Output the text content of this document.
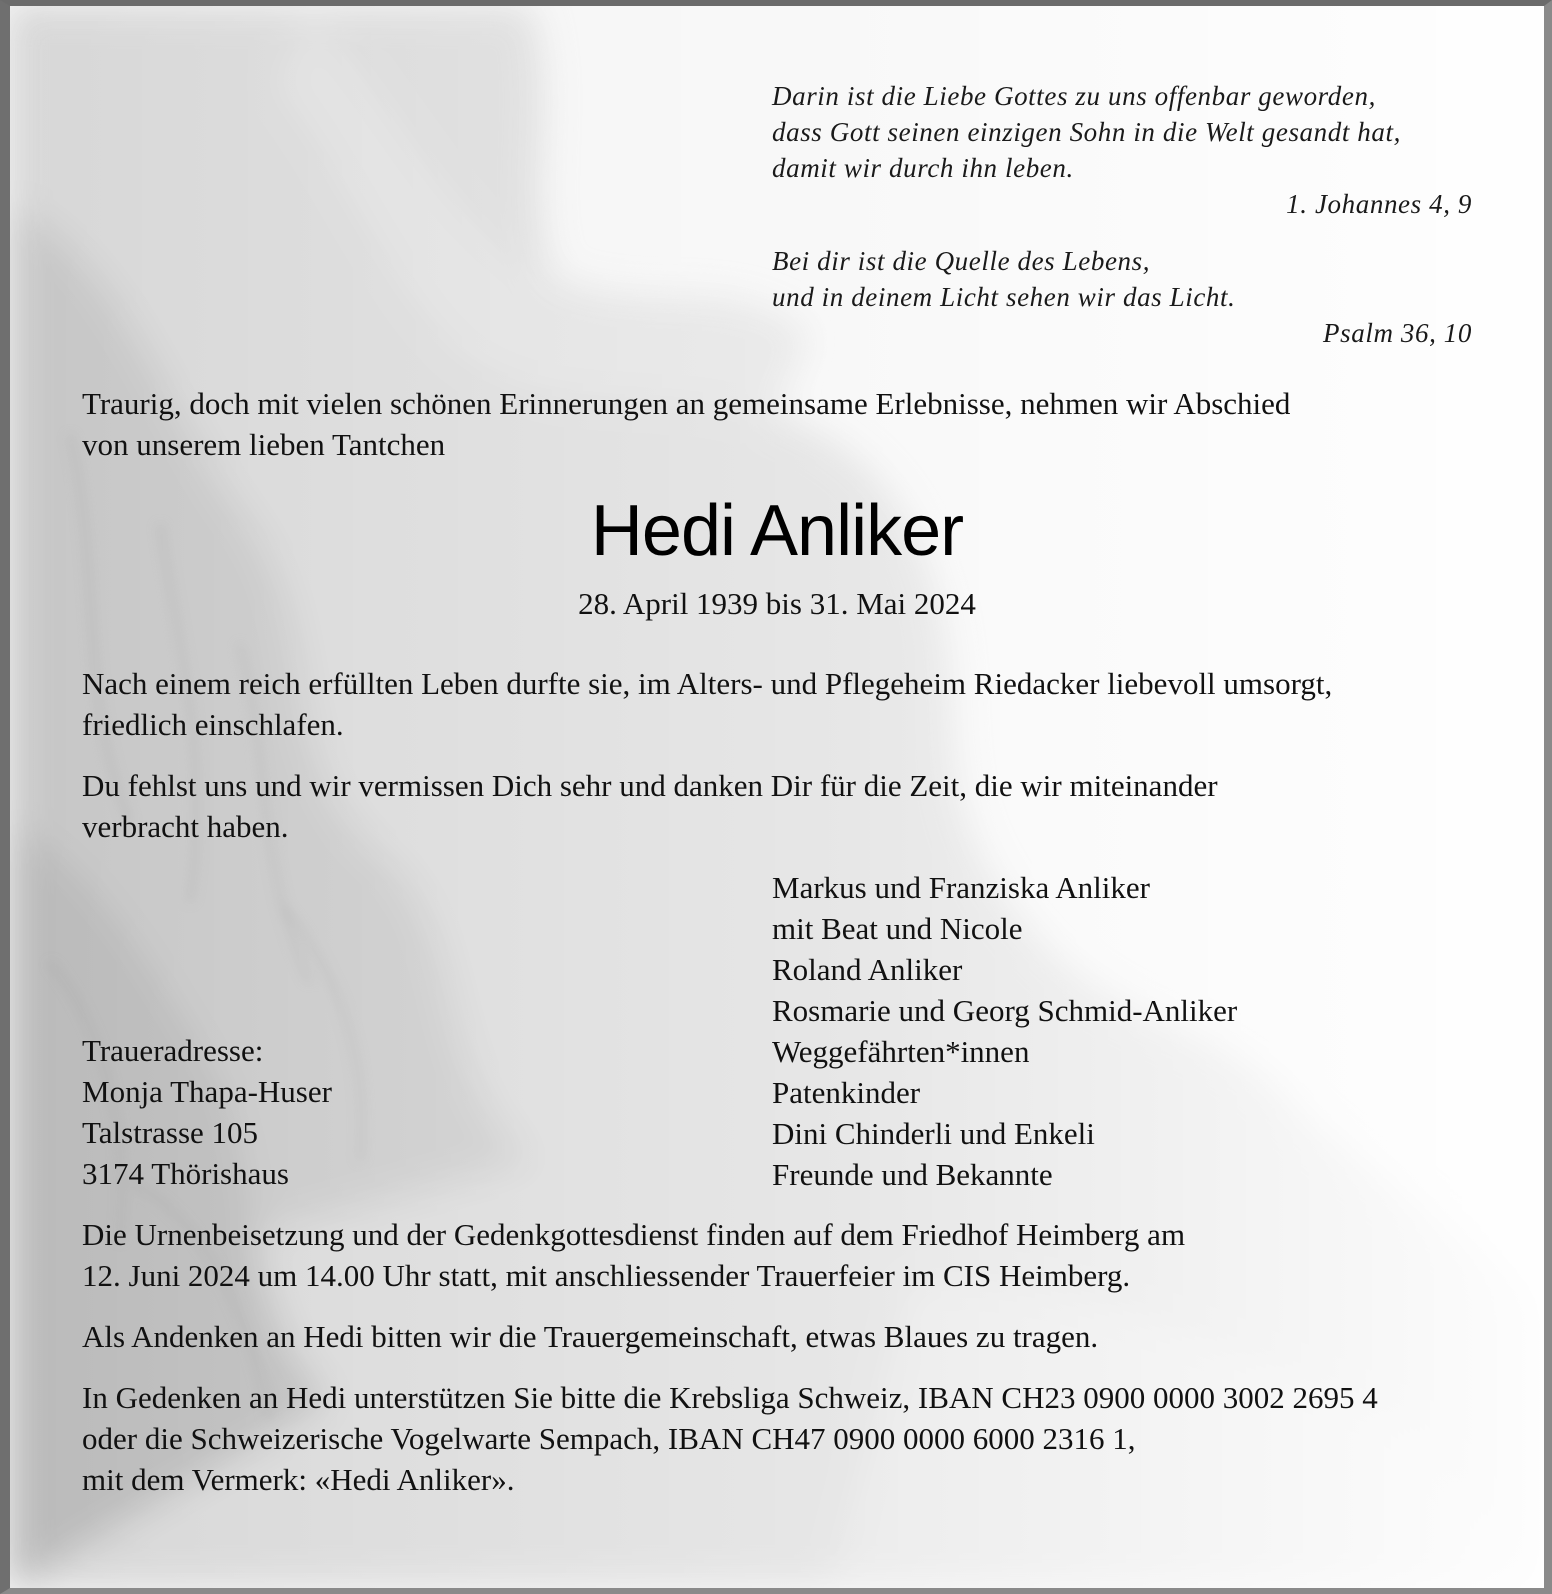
Darin ist die Liebe Gottes zu uns offenbar geworden,
dass Gott seinen einzigen Sohn in die Welt gesandt hat,
damit wir durch ihn leben.
1. Johannes 4, 9
Bei dir ist die Quelle des Lebens,
und in deinem Licht sehen wir das Licht.
Psalm 36, 10
Traurig, doch mit vielen schönen Erinnerungen an gemeinsame Erlebnisse, nehmen wir Abschied
von unserem lieben Tantchen
Hedi Anliker
28. April 1939 bis 31. Mai 2024
Nach einem reich erfüllten Leben durfte sie, im Alters- und Pflegeheim Riedacker liebevoll umsorgt,
friedlich einschlafen.
Du fehlst uns und wir vermissen Dich sehr und danken Dir für die Zeit, die wir miteinander
verbracht haben.
Markus und Franziska Anliker
mit Beat und Nicole
Roland Anliker
Rosmarie und Georg Schmid-Anliker
Weggefährten*innen
Patenkinder
Dini Chinderli und Enkeli
Freunde und Bekannte
Traueradresse:
Monja Thapa-Huser
Talstrasse 105
3174 Thörishaus
Die Urnenbeisetzung und der Gedenkgottesdienst finden auf dem Friedhof Heimberg am
12. Juni 2024 um 14.00 Uhr statt, mit anschliessender Trauerfeier im CIS Heimberg.
Als Andenken an Hedi bitten wir die Trauergemeinschaft, etwas Blaues zu tragen.
In Gedenken an Hedi unterstützen Sie bitte die Krebsliga Schweiz, IBAN CH23 0900 0000 3002 2695 4
oder die Schweizerische Vogelwarte Sempach, IBAN CH47 0900 0000 6000 2316 1,
mit dem Vermerk: «Hedi Anliker».
